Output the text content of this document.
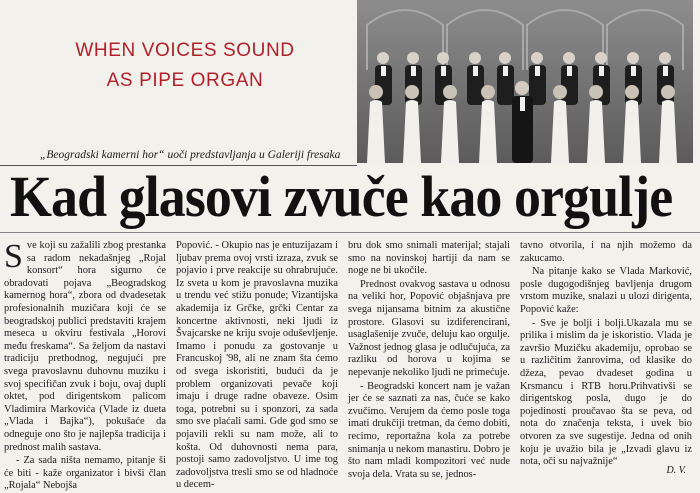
WHEN VOICES SOUND
AS PIPE ORGAN
„Beogradski kamerni hor“ uoči predstavljanja u Galeriji fresaka
Kad glasovi zvuče kao orgulje

Sve koji su zažalili zbog prestanka sa radom nekadašnjeg „Rojal konsort“ hora sigurno će obradovati pojava „Beogradskog kamernog hora“, zbora od dvadesetak profesionalnih muzičara koji će se beogradskoj publici predstaviti krajem meseca u okviru festivala „Horovi među freskama“. Sa željom da nastavi tradiciju prethodnog, negujući pre svega pravoslavnu duhovnu muziku i svoj specifičan zvuk i boju, ovaj dupli oktet, pod dirigentskom palicom Vladimira Markovića (Vlade iz dueta „Vlada i Bajka“), pokušaće da odneguje ono što je najlepša tradicija i prednost malih sastava.

- Za sada ništa nemamo, pitanje ši će biti - kaže organizator i bivši član „Rojala“ Nebojša

Popović. - Okupio nas je entuzijazam i ljubav prema ovoj vrsti izraza, zvuk se pojavio i prve reakcije su ohrabrujuće. Iz sveta u kom je pravoslavna muzika u trendu već stižu ponude; Vizantijska akademija iz Grčke, grčki Centar za koncertne aktivnosti, neki ljudi iz Švajcarske ne kriju svoje oduševljenje. Imamo i ponudu za gostovanje u Francuskoj '98, ali ne znam šta ćemo od svega iskoristiti, budući da je problem organizovati pevače koji imaju i druge radne obaveze. Osim toga, potrebni su i sponzori, za sada smo sve plaćali sami. Gde god smo se pojavili rekli su nam može, ali to košta. Od duhovnosti nema para, postoji samo zadovoljstvo. U ime tog zadovoljstva tresli smo se od hladnoće u decem-

bru dok smo snimali materijal; stajali smo na novinskoj hartiji da nam se noge ne bi ukočile.

Prednost ovakvog sastava u odnosu na veliki hor, Popović objašnjava pre svega nijansama bitnim za akustične prostore. Glasovi su izdiferencirani, usaglašenije zvuče, deluju kao orgulje. Važnost jednog glasa je odlučujuća, za razliku od horova u kojima se nepevanje nekoliko ljudi ne primećuje.

- Beogradski koncert nam je važan jer će se saznati za nas, čuće se kako zvučimo. Verujem da ćemo posle toga imati drukčiji tretman, da ćemo dobiti, recimo, reportažna kola za potrebe snimanja u nekom manastiru. Dobro je što nam mladi kompozitori već nude svoja dela. Vrata su se, jednos-

tavno otvorila, i na njih možemo da zakucamo.

Na pitanje kako se Vlada Marković, posle dugogodišnjeg bavljenja drugom vrstom muzike, snalazi u ulozi dirigenta, Popović kaže:

- Sve je bolji i bolji.Ukazala mu se prilika i mislim da je iskoristio. Vlada je završio Muzičku akademiju, oprobao se u različitim žanrovima, od klasike do džeza, pevao dvadeset godina u Krsmancu i RTB horu.Prihvativši se dirigentskog posla, dugo je do pojedinosti proučavao šta se peva, od nota do značenja teksta, i uvek bio otvoren za sve sugestije. Jedna od onih koju je uvažio bila je „Izvadi glavu iz nota, oči su najvažnije“

D. V.
